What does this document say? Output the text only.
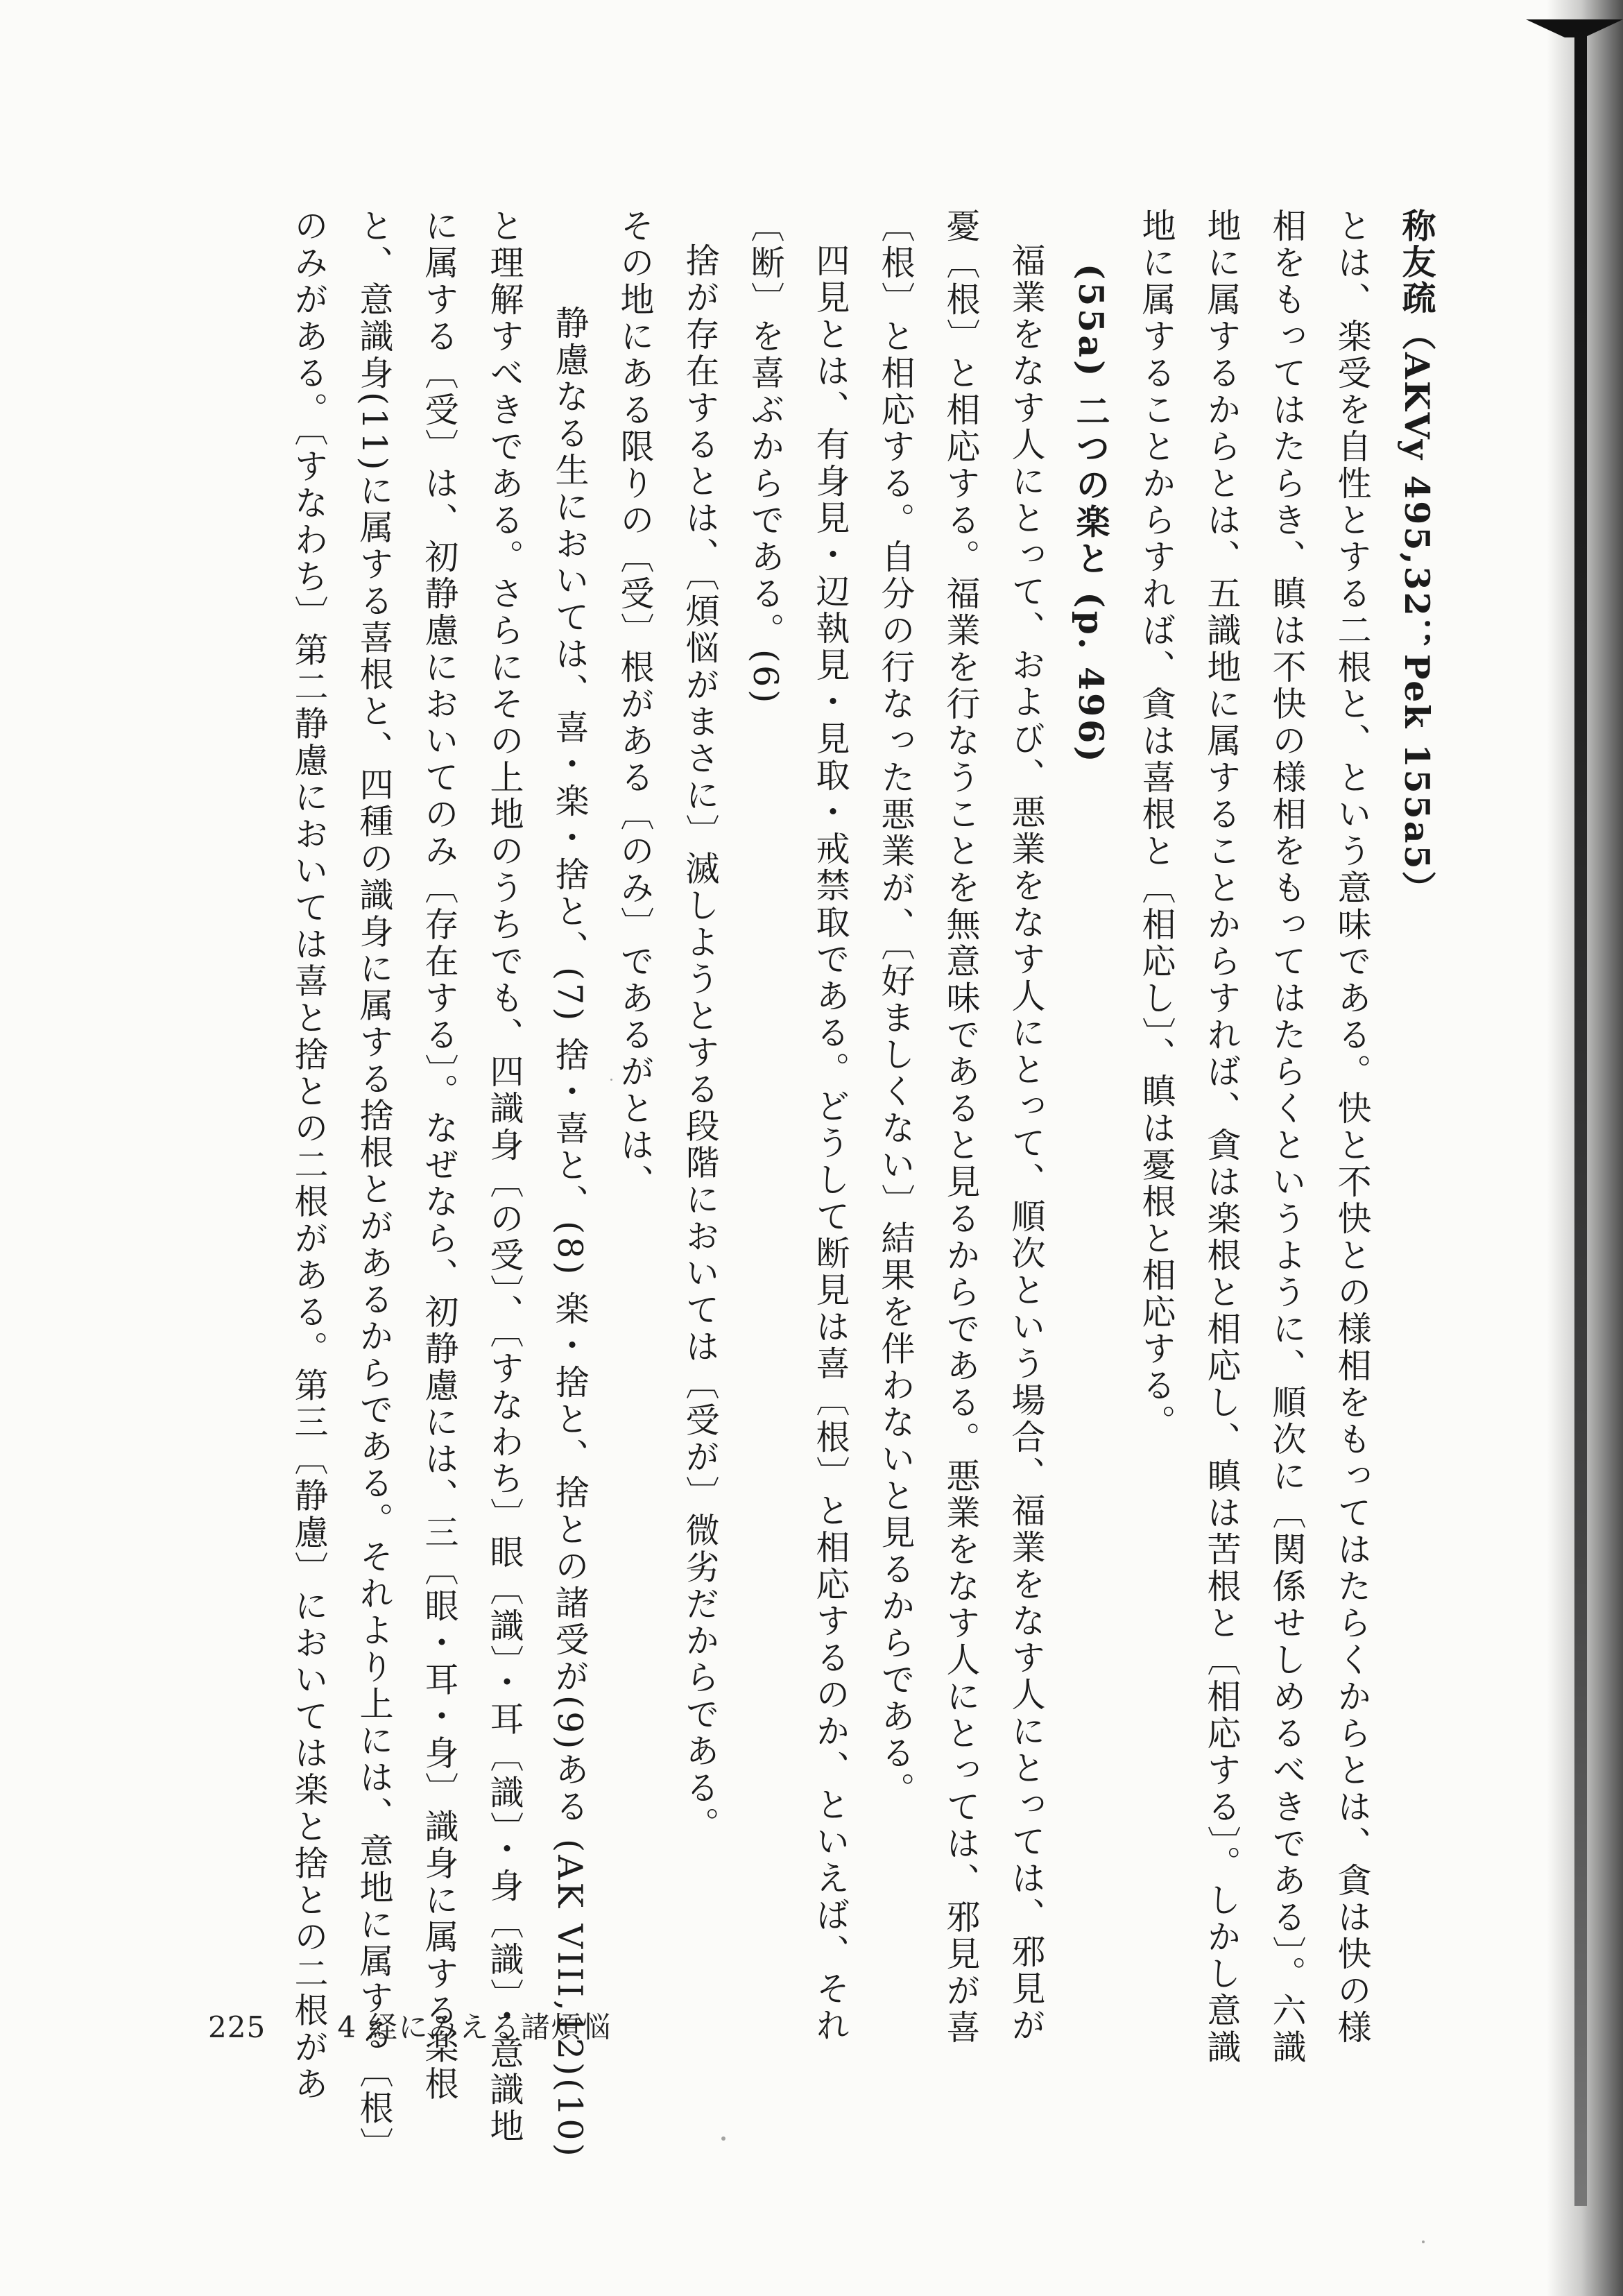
称友疏（AKVy 495,32；Pek 155a5）
とは、楽受を自性とする二根と、という意味である。快と不快との様相をもってはたらくからとは、貪は快の様
相をもってはたらき、瞋は不快の様相をもってはたらくというように、順次に〔関係せしめるべきである〕。六識
地に属するからとは、五識地に属することからすれば、貪は楽根と相応し、瞋は苦根と〔相応する〕。しかし意識
地に属することからすれば、貪は喜根と〔相応し〕、瞋は憂根と相応する。
(55a) 二つの楽と (p. 496)
福業をなす人にとって、および、悪業をなす人にとって、順次という場合、福業をなす人にとっては、邪見が
憂〔根〕と相応する。福業を行なうことを無意味であると見るからである。悪業をなす人にとっては、邪見が喜
〔根〕と相応する。自分の行なった悪業が、〔好ましくない〕結果を伴わないと見るからである。
四見とは、有身見・辺執見・見取・戒禁取である。どうして断見は喜〔根〕と相応するのか、といえば、それ
〔断〕を喜ぶからである。(6)
捨が存在するとは、〔煩悩がまさに〕滅しようとする段階においては〔受が〕微劣だからである。
その地にある限りの〔受〕根がある〔のみ〕であるがとは、
静慮なる生においては、喜・楽・捨と、(7) 捨・喜と、(8) 楽・捨と、捨との諸受が(9)ある (AK VIII,12)(10)
と理解すべきである。さらにその上地のうちでも、四識身〔の受〕、〔すなわち〕眼〔識〕・耳〔識〕・身〔識〕・意識地
に属する〔受〕は、初静慮においてのみ〔存在する〕。なぜなら、初静慮には、三〔眼・耳・身〕識身に属する楽根
と、意識身(11)に属する喜根と、四種の識身に属する捨根とがあるからである。それより上には、意地に属する〔根〕
のみがある。〔すなわち〕第二静慮においては喜と捨との二根がある。第三〔静慮〕においては楽と捨との二根があ
225 4 経にみえる諸煩悩
